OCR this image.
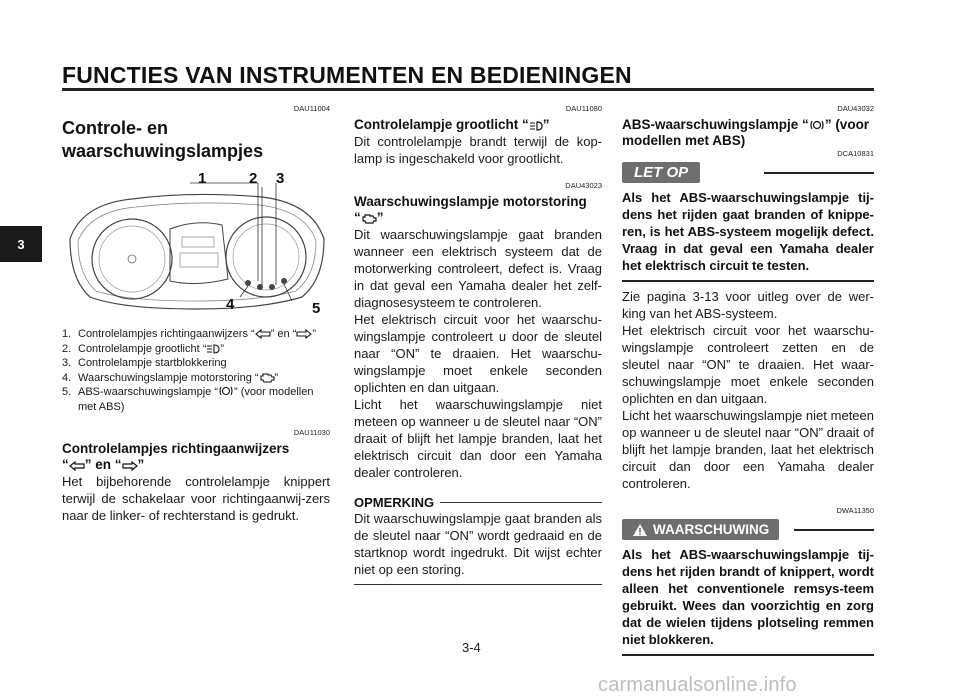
FUNCTIES VAN INSTRUMENTEN EN BEDIENINGEN
3
DAU11004
Controle- en waarschuwingslampjes
1	2 3
4	5
1. Controlelampjes richtingaanwijzers “ ” en “ ”
2. Controlelampje grootlicht “ ”
3. Controlelampje startblokkering
4. Waarschuwingslampje motorstoring “ ”
5. ABS-waarschuwingslampje “ ” (voor modellen met ABS)
DAU11030
Controlelampjes richtingaanwijzers
“ ” en “ ”
Het bijbehorende controlelampje knippert terwijl de schakelaar voor richtingaanwij-zers naar de linker- of rechterstand is gedrukt.
DAU11080
Controlelampje grootlicht “ ”
Dit controlelampje brandt terwijl de kop-lamp is ingeschakeld voor grootlicht.
DAU43023
Waarschuwingslampje motorstoring
“ ”
Dit waarschuwingslampje gaat branden wanneer een elektrisch systeem dat de motorwerking controleert, defect is. Vraag in dat geval een Yamaha dealer het zelf-diagnosesysteem te controleren.
Het elektrisch circuit voor het waarschu-wingslampje controleert u door de sleutel naar “ON” te draaien. Het waarschu-wingslampje moet enkele seconden oplichten en dan uitgaan.
Licht het waarschuwingslampje niet meteen op wanneer u de sleutel naar “ON” draait of blijft het lampje branden, laat het elektrisch circuit dan door een Yamaha dealer controleren.
OPMERKING
Dit waarschuwingslampje gaat branden als de sleutel naar “ON” wordt gedraaid en de startknop wordt ingedrukt. Dit wijst echter niet op een storing.
DAU43032
ABS-waarschuwingslampje “ ” (voor modellen met ABS)
DCA10831
LET OP
Als het ABS-waarschuwingslampje tij-dens het rijden gaat branden of knippe-ren, is het ABS-systeem mogelijk defect. Vraag in dat geval een Yamaha dealer het elektrisch circuit te testen.
Zie pagina 3-13 voor uitleg over de wer-king van het ABS-systeem.
Het elektrisch circuit voor het waarschu-wingslampje controleert zetten en de sleutel naar “ON” te draaien. Het waar-schuwingslampje moet enkele seconden oplichten en dan uitgaan.
Licht het waarschuwingslampje niet meteen op wanneer u de sleutel naar “ON” draait of blijft het lampje branden, laat het elektrisch circuit dan door een Yamaha dealer controleren.
DWA11350
WAARSCHUWING
Als het ABS-waarschuwingslampje tij-dens het rijden brandt of knippert, wordt alleen het conventionele remsys-teem gebruikt. Wees dan voorzichtig en zorg dat de wielen tijdens plotseling remmen niet blokkeren.
3-4
carmanualsonline.info
